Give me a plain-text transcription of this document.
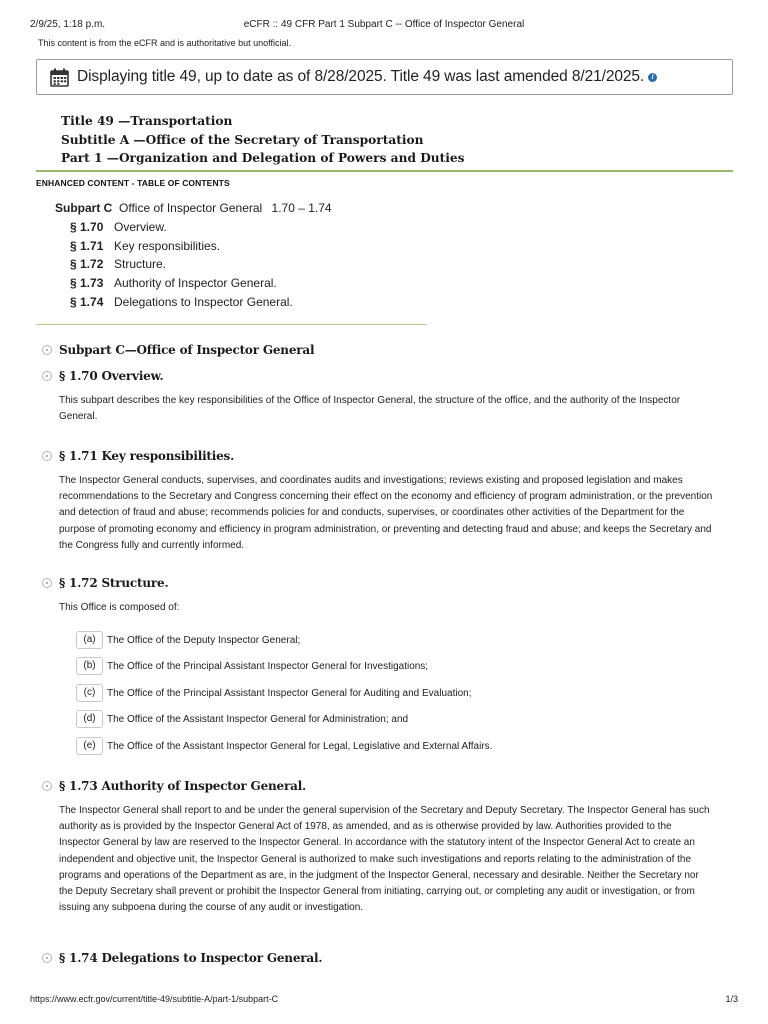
2/9/25, 1:18 p.m.	eCFR :: 49 CFR Part 1 Subpart C -- Office of Inspector General
This content is from the eCFR and is authoritative but unofficial.
Displaying title 49, up to date as of 8/28/2025. Title 49 was last amended 8/21/2025.	i
Title 49 —Transportation
Subtitle A —Office of the Secretary of Transportation
Part 1 —Organization and Delegation of Powers and Duties
ENHANCED CONTENT - TABLE OF CONTENTS
Subpart C Office of Inspector General 1.70 – 1.74
§ 1.70 Overview.
§ 1.71 Key responsibilities.
§ 1.72 Structure.
§ 1.73 Authority of Inspector General.
§ 1.74 Delegations to Inspector General.
Subpart C—Office of Inspector General
§ 1.70 Overview.
This subpart describes the key responsibilities of the Office of Inspector General, the structure of the office, and the authority of the Inspector General.
§ 1.71 Key responsibilities.
The Inspector General conducts, supervises, and coordinates audits and investigations; reviews existing and proposed legislation and makes recommendations to the Secretary and Congress concerning their effect on the economy and efficiency of program administration, or the prevention and detection of fraud and abuse; recommends policies for and conducts, supervises, or coordinates other activities of the Department for the purpose of promoting economy and efficiency in program administration, or preventing and detecting fraud and abuse; and keeps the Secretary and the Congress fully and currently informed.
§ 1.72 Structure.
This Office is composed of:
(a)	The Office of the Deputy Inspector General;
(b)	The Office of the Principal Assistant Inspector General for Investigations;
(c)	The Office of the Principal Assistant Inspector General for Auditing and Evaluation;
(d)	The Office of the Assistant Inspector General for Administration; and
(e)	The Office of the Assistant Inspector General for Legal, Legislative and External Affairs.
§ 1.73 Authority of Inspector General.
The Inspector General shall report to and be under the general supervision of the Secretary and Deputy Secretary. The Inspector General has such authority as is provided by the Inspector General Act of 1978, as amended, and as is otherwise provided by law. Authorities provided to the Inspector General by law are reserved to the Inspector General. In accordance with the statutory intent of the Inspector General Act to create an independent and objective unit, the Inspector General is authorized to make such investigations and reports relating to the administration of the programs and operations of the Department as are, in the judgment of the Inspector General, necessary and desirable. Neither the Secretary nor the Deputy Secretary shall prevent or prohibit the Inspector General from initiating, carrying out, or completing any audit or investigation, or from issuing any subpoena during the course of any audit or investigation.
§ 1.74 Delegations to Inspector General.
https://www.ecfr.gov/current/title-49/subtitle-A/part-1/subpart-C	1/3
